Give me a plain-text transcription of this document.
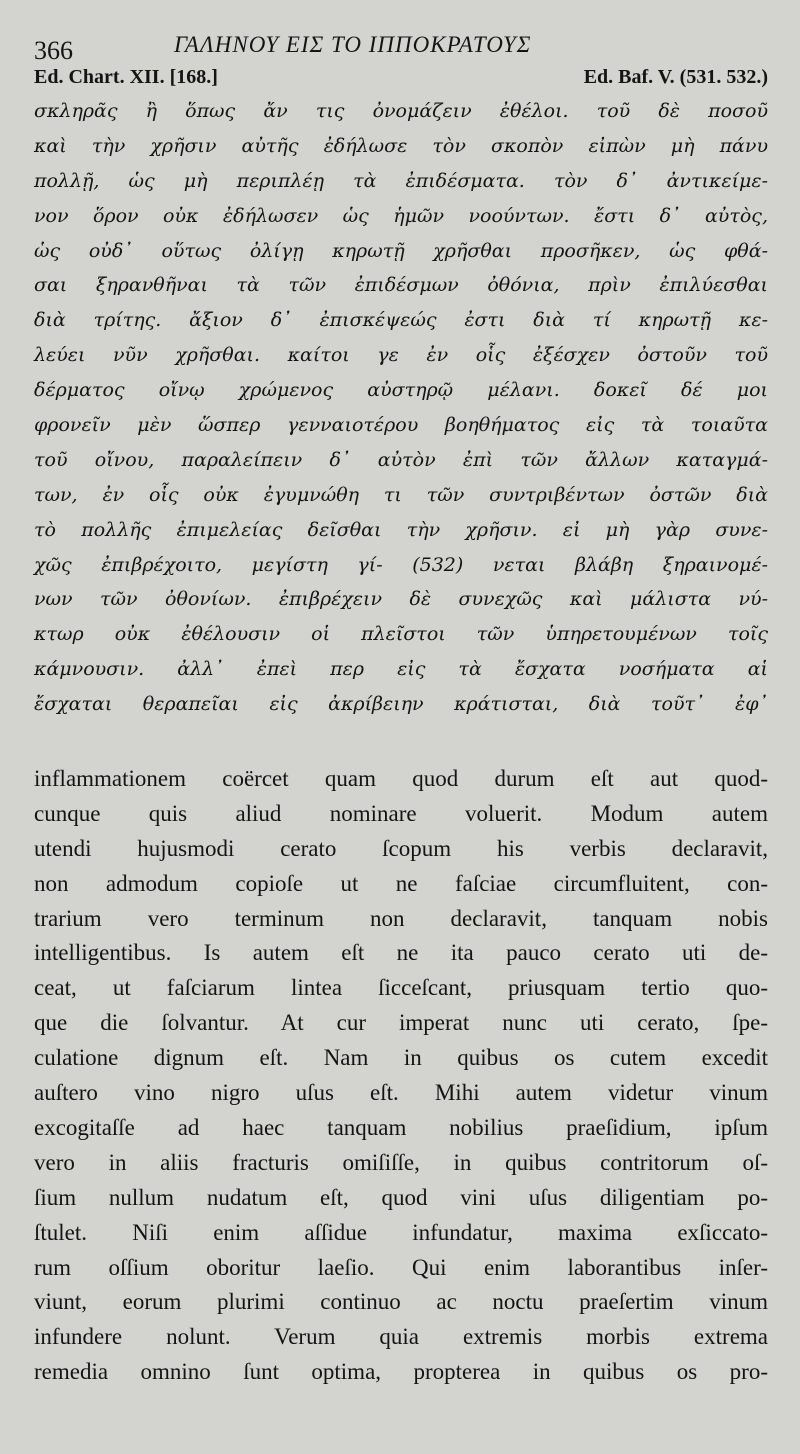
366	ΓΑΛΗΝΟΥ ΕΙΣ ΤΟ ΙΠΠΟΚΡΑΤΟΥΣ
Ed. Chart. XII. [168.]	Ed. Baf. V. (531. 532.)
σκληρᾶς ἢ ὅπως ἄν τις ὀνομάζειν ἐθέλοι. τοῦ δὲ ποσοῦ
καὶ τὴν χρῆσιν αὐτῆς ἐδήλωσε τὸν σκοπὸν εἰπὼν μὴ πάνυ
πολλῇ, ὡς μὴ περιπλέῃ τὰ ἐπιδέσματα. τὸν δ᾽ ἀντικείμε-
νον ὅρον οὐκ ἐδήλωσεν ὡς ἡμῶν νοούντων. ἔστι δ᾽ αὐτὸς,
ὡς οὐδ᾽ οὕτως ὀλίγῃ κηρωτῇ χρῆσθαι προσῆκεν, ὡς φθά-
σαι ξηρανθῆναι τὰ τῶν ἐπιδέσμων ὀθόνια, πρὶν ἐπιλύεσθαι
διὰ τρίτης. ἄξιον δ᾽ ἐπισκέψεώς ἐστι διὰ τί κηρωτῇ κε-
λεύει νῦν χρῆσθαι. καίτοι γε ἐν οἷς ἐξέσχεν ὀστοῦν τοῦ
δέρματος οἴνῳ χρώμενος αὐστηρῷ μέλανι. δοκεῖ δέ μοι
φρονεῖν μὲν ὥσπερ γενναιοτέρου βοηθήματος εἰς τὰ τοιαῦτα
τοῦ οἴνου, παραλείπειν δ᾽ αὐτὸν ἐπὶ τῶν ἄλλων καταγμά-
των, ἐν οἷς οὐκ ἐγυμνώθη τι τῶν συντριβέντων ὀστῶν διὰ
τὸ πολλῆς ἐπιμελείας δεῖσθαι τὴν χρῆσιν. εἰ μὴ γὰρ συνε-
χῶς ἐπιβρέχοιτο, μεγίστη γί- (532) νεται βλάβη ξηραινομέ-
νων τῶν ὀθονίων. ἐπιβρέχειν δὲ συνεχῶς καὶ μάλιστα νύ-
κτωρ οὐκ ἐθέλουσιν οἱ πλεῖστοι τῶν ὑπηρετουμένων τοῖς
κάμνουσιν. ἀλλ᾽ ἐπεὶ περ εἰς τὰ ἔσχατα νοσήματα αἱ
ἔσχαται θεραπεῖαι εἰς ἀκρίβειην κράτισται, διὰ τοῦτ᾽ ἐφ᾽
inflammationem coërcet quam quod durum eſt aut quod-
cunque quis aliud nominare voluerit. Modum autem
utendi hujusmodi cerato ſcopum his verbis declaravit,
non admodum copioſe ut ne faſciae circumfluitent, con-
trarium vero terminum non declaravit, tanquam nobis
intelligentibus. Is autem eſt ne ita pauco cerato uti de-
ceat, ut faſciarum lintea ſicceſcant, priusquam tertio quo-
que die ſolvantur. At cur imperat nunc uti cerato, ſpe-
culatione dignum eſt. Nam in quibus os cutem excedit
auſtero vino nigro uſus eſt. Mihi autem videtur vinum
excogitaſſe ad haec tanquam nobilius praeſidium, ipſum
vero in aliis fracturis omiſiſſe, in quibus contritorum oſ-
ſium nullum nudatum eſt, quod vini uſus diligentiam po-
ſtulet. Niſi enim aſſidue infundatur, maxima exſiccato-
rum oſſium oboritur laeſio. Qui enim laborantibus inſer-
viunt, eorum plurimi continuo ac noctu praeſertim vinum
infundere nolunt. Verum quia extremis morbis extrema
remedia omnino ſunt optima, propterea in quibus os pro-
